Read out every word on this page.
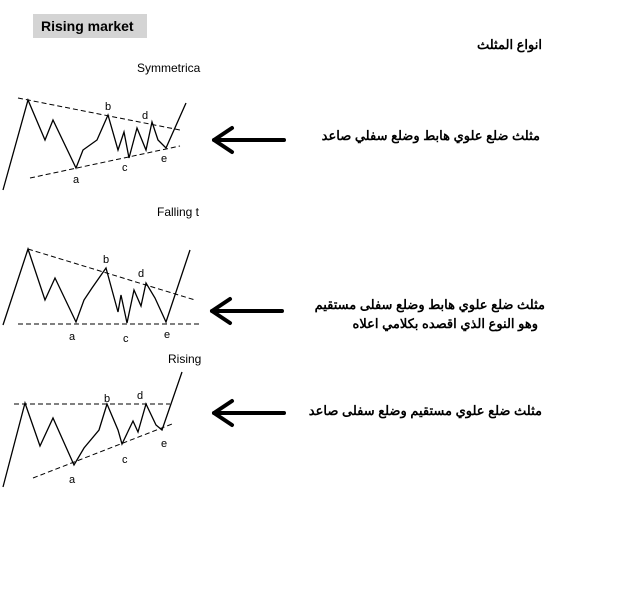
Rising market
انواع المثلث
Symmetrica
Falling t
Rising
مثلث ضلع علوي هابط وضلع سفلي صاعد
مثلث ضلع علوي هابط وضلع سفلى مستقيم
وهو النوع الذي اقصده بكلامي اعلاه
مثلث ضلع علوي مستقيم وضلع سفلى صاعد
b
d
a
c
e
b
d
a	c	e
b d
a
c
e
